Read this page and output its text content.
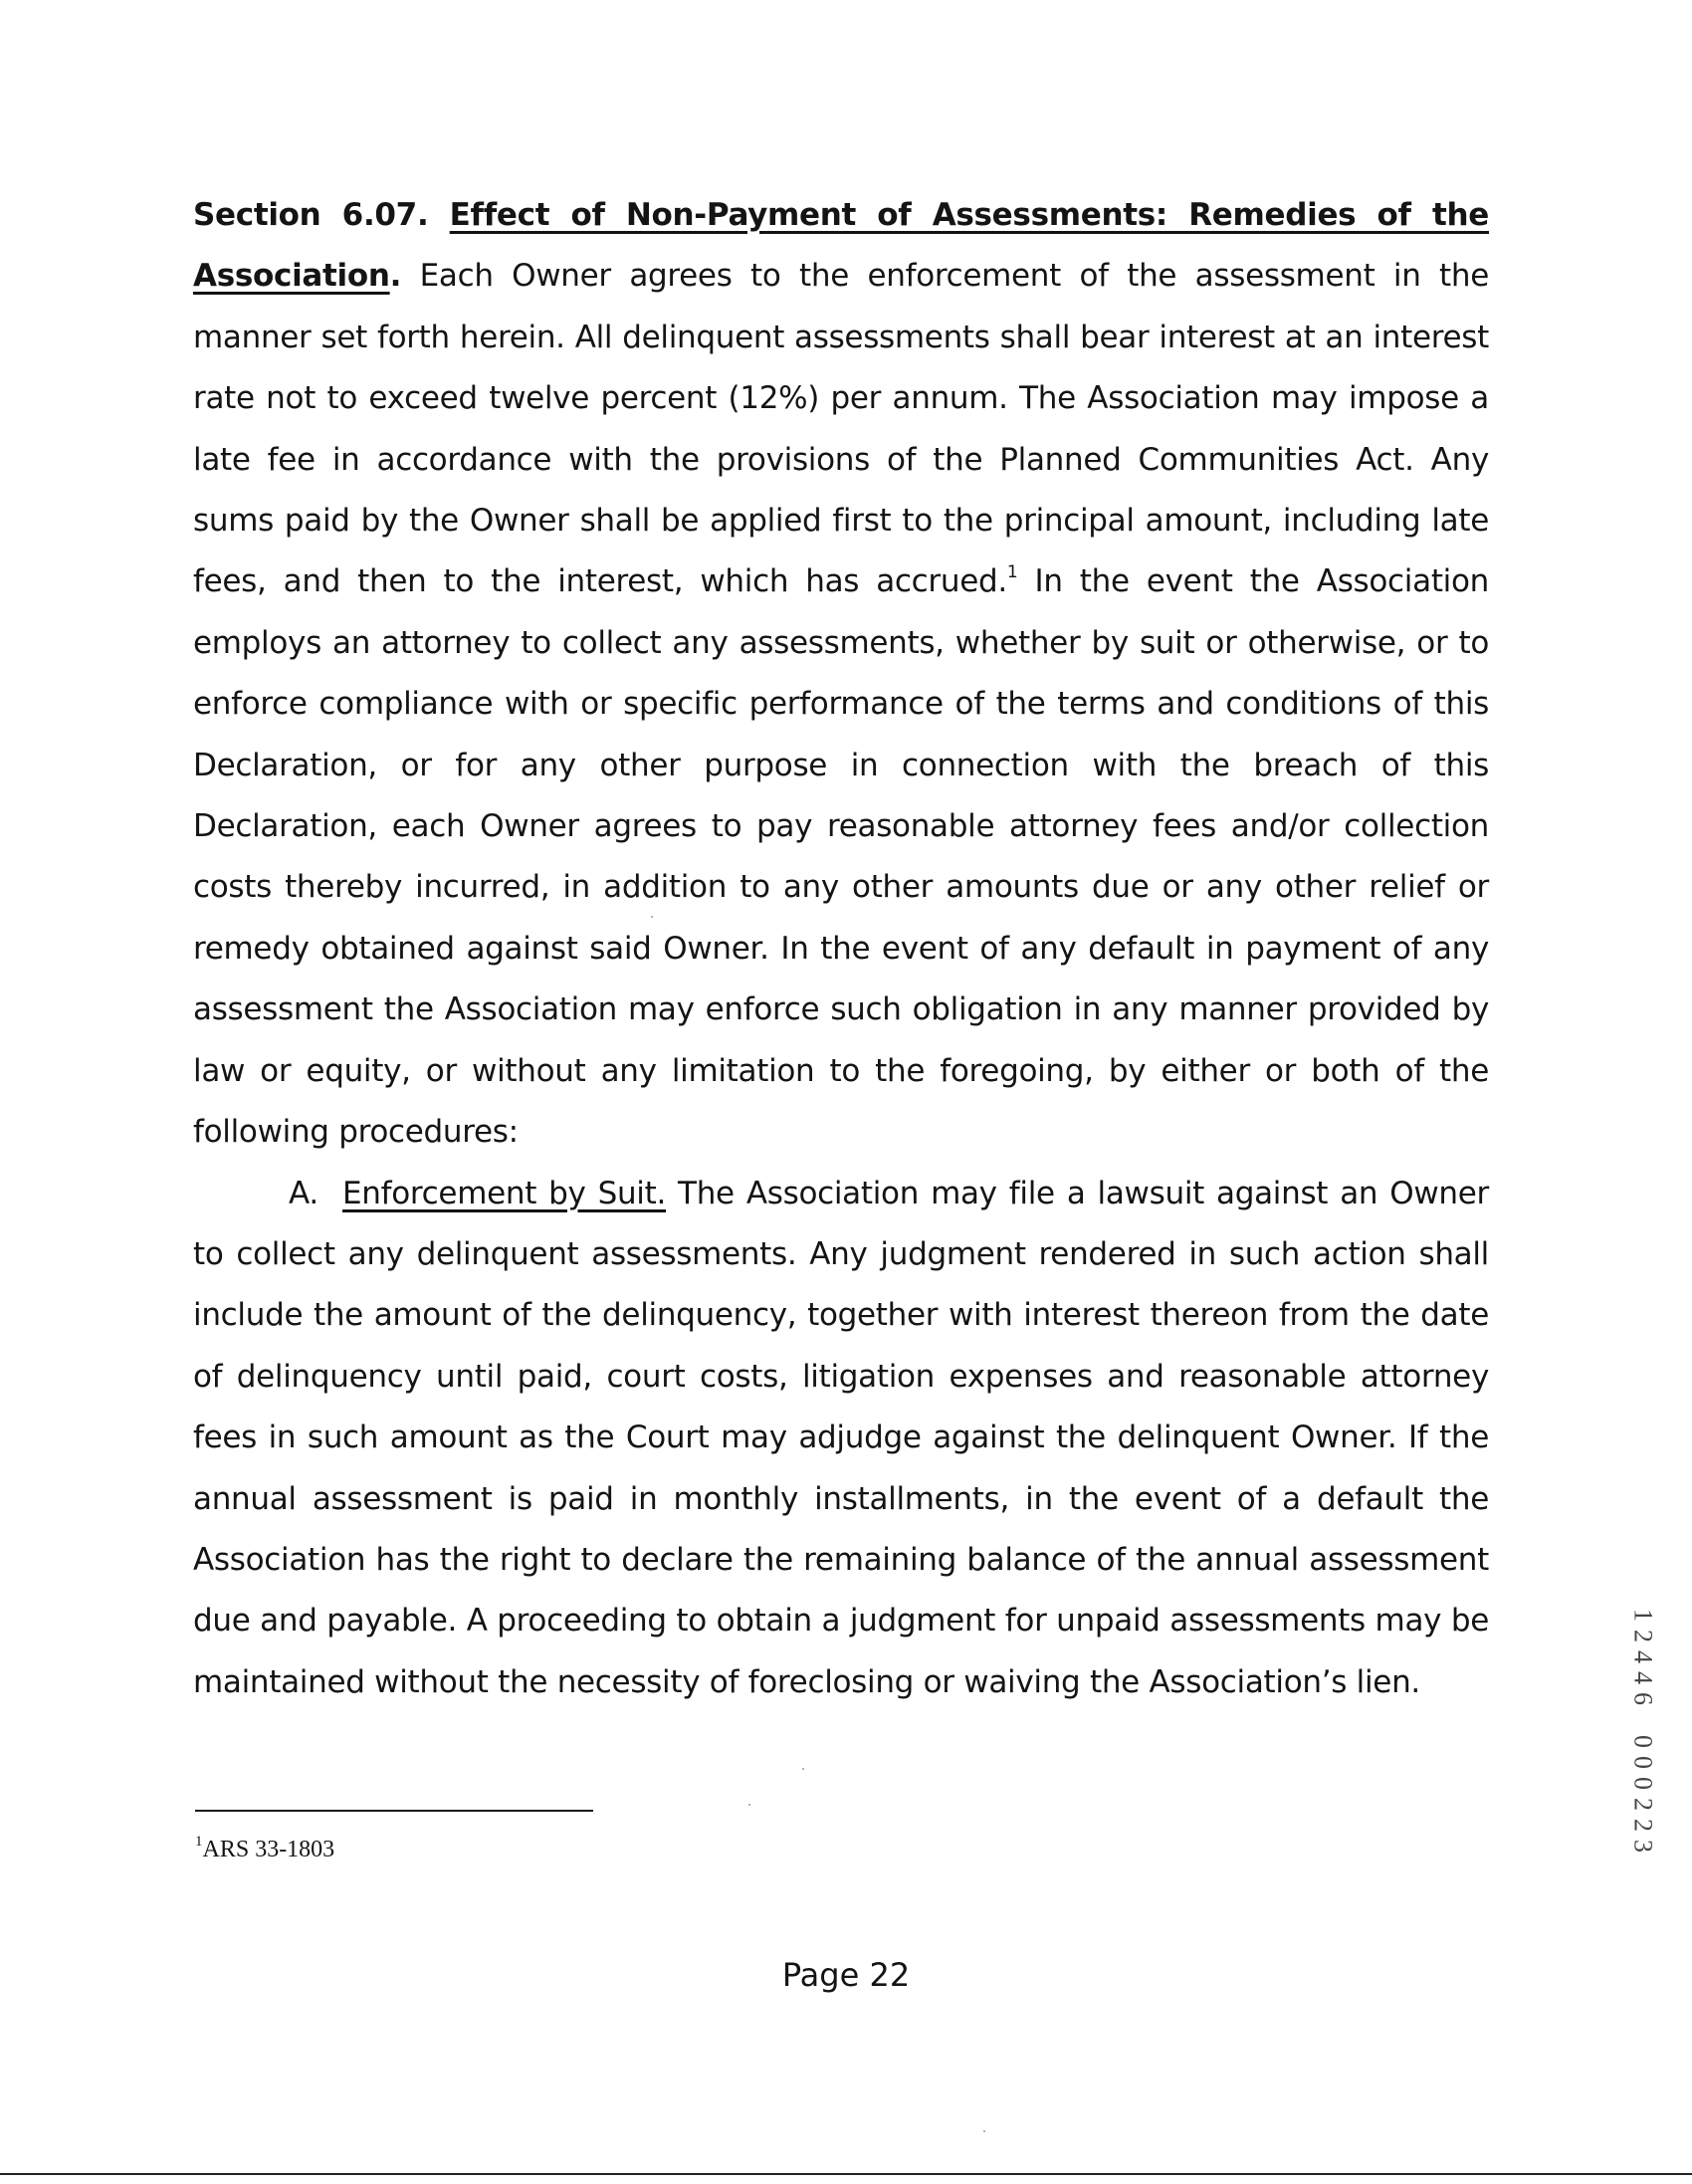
Section 6.07. Effect of Non-Payment of Assessments: Remedies of the Association. Each Owner agrees to the enforcement of the assessment in the manner set forth herein. All delinquent assessments shall bear interest at an interest rate not to exceed twelve percent (12%) per annum. The Association may impose a late fee in accordance with the provisions of the Planned Communities Act. Any sums paid by the Owner shall be applied first to the principal amount, including late fees, and then to the interest, which has accrued.$^1$ In the event the Association employs an attorney to collect any assessments, whether by suit or otherwise, or to enforce compliance with or specific performance of the terms and conditions of this Declaration, or for any other purpose in connection with the breach of this Declaration, each Owner agrees to pay reasonable attorney fees and/or collection costs thereby incurred, in addition to any other amounts due or any other relief or remedy obtained against said Owner. In the event of any default in payment of any assessment the Association may enforce such obligation in any manner provided by law or equity, or without any limitation to the foregoing, by either or both of the following procedures:

A. Enforcement by Suit. The Association may file a lawsuit against an Owner to collect any delinquent assessments. Any judgment rendered in such action shall include the amount of the delinquency, together with interest thereon from the date of delinquency until paid, court costs, litigation expenses and reasonable attorney fees in such amount as the Court may adjudge against the delinquent Owner. If the annual assessment is paid in monthly installments, in the event of a default the Association has the right to declare the remaining balance of the annual assessment due and payable. A proceeding to obtain a judgment for unpaid assessments may be maintained without the necessity of foreclosing or waiving the Association’s lien.

$^1$ARS 33-1803
Page 22
1
2
4
4
6
0
0
0
2
2
3
